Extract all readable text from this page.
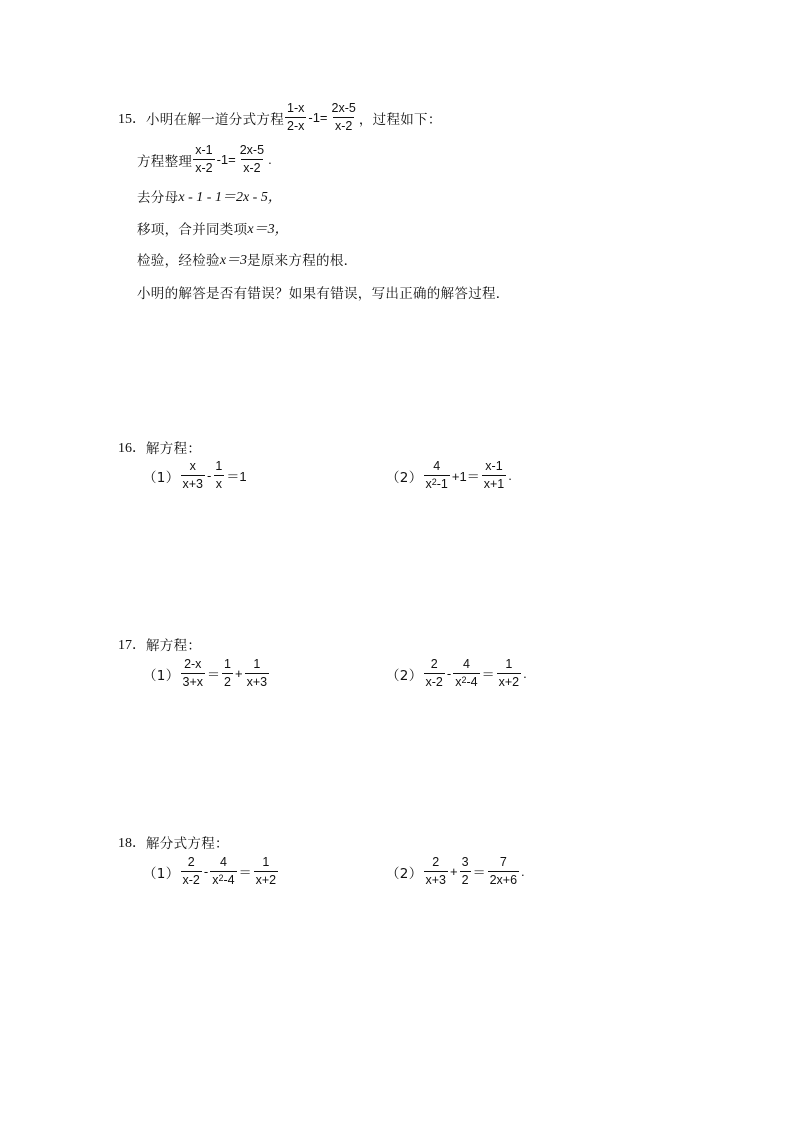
15． 小明在解一道分式方程 $\frac{1-x}{2-x} -1= \frac{2x-5}{x-2}$ ，过程如下：
方程整理 $\frac{x-1}{x-2} -1= \frac{2x-5}{x-2}$ .
去分母 x - 1 - 1＝2x - 5，
移项，合并同类项 x＝3，
检验，经检验 x＝3 是原来方程的根．
小明的解答是否有错误？如果有错误，写出正确的解答过程．
16． 解方程：
$(1) \frac{x}{x+3} - \frac{1}{x} =1$	$(2) \frac{4}{x^2-1} +1= \frac{x-1}{x+1}$ .
17． 解方程：
$(1) \frac{2-x}{3+x} = \frac{1}{2} + \frac{1}{x+3}$	$(2) \frac{2}{x-2} - \frac{4}{x^2-4} = \frac{1}{x+2}$ .
18． 解分式方程：
$(1) \frac{2}{x-2} - \frac{4}{x^2-4} = \frac{1}{x+2}$	$(2) \frac{2}{x+3} + \frac{3}{2} = \frac{7}{2x+6}$ .
